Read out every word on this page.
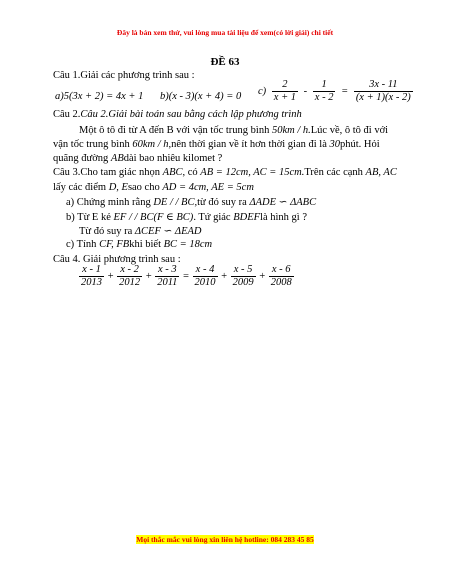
Đây là bản xem thử, vui lòng mua tài liệu để xem(có lời giải) chi tiết
ĐỀ 63
Câu 1.Giải các phương trình sau :
a)5(3x + 2) = 4x + 1 b)(x - 3)(x + 4) = 0 $c) \frac{2}{x + 1} - \frac{1}{x - 2} = \frac{3x - 11}{(x + 1)(x - 2)}$
Câu 2.Câu 2.Giải bài toán sau bằng cách lập phương trình
Một ô tô đi từ A đến B với vận tốc trung bình 50km / h.Lúc về, ô tô đi với
vận tốc trung bình 60km / h,nên thời gian về ít hơn thời gian đi là 30phút. Hỏi
quãng đường ABdài bao nhiêu kilomet ?
Câu 3.Cho tam giác nhọn ABC, có AB = 12cm, AC = 15cm.Trên các cạnh AB, AC
lấy các điểm D, Esao cho AD = 4cm, AE = 5cm
a) Chứng minh rằng DE / / BC,từ đó suy ra ΔADE ∽ ΔABC
b) Từ E kẻ EF / / BC(F ∈ BC). Tứ giác BDEFlà hình gì ?
Từ đó suy ra ΔCEF ∽ ΔEAD
c) Tính CF, FBkhi biết BC = 18cm
Câu 4. Giải phương trình sau :
$\frac{x - 1}{2013} + \frac{x - 2}{2012} + \frac{x - 3}{2011} = \frac{x - 4}{2010} + \frac{x - 5}{2009} + \frac{x - 6}{2008}$
Mọi thắc mắc vui lòng xin liên hệ hotline: 084 283 45 85
